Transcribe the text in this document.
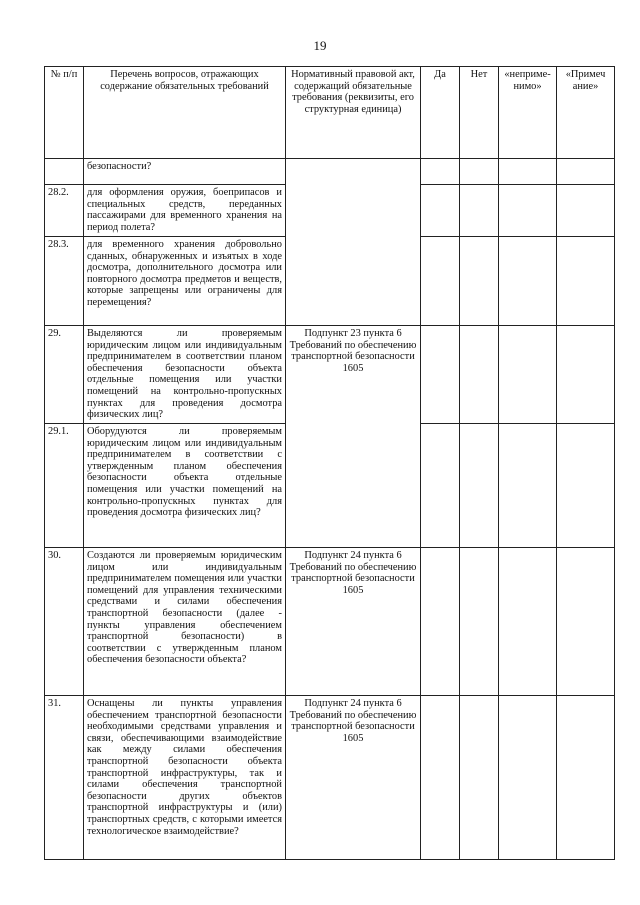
19
№ п/п	Перечень вопросов, отражающих содержание обязательных требований	Нормативный правовой акт, содержащий обязательные требования (реквизиты, его структурная единица)	Да	Нет	«неприме-нимо»	«Примеч ание»

	безопасности?					

28.2.	для оформления оружия, боеприпасов и специальных средств, переданных пассажирами для временного хранения на период полета?					

28.3.	для временного хранения добровольно сданных, обнаруженных и изъятых в ходе досмотра, дополнительного досмотра или повторного досмотра предметов и веществ, которые запрещены или ограничены для перемещения?					

29.	Выделяются ли проверяемым юридическим лицом или индивидуальным предпринимателем в соответствии планом обеспечения безопасности объекта отдельные помещения или участки помещений на контрольно-пропускных пунктах для проведения досмотра физических лиц?	Подпункт 23 пункта 6 Требований по обеспечению транспортной безопасности 1605				
29.1.	Оборудуются ли проверяемым юридическим лицом или индивидуальным предпринимателем в соответствии с утвержденным планом обеспечения безопасности объекта отдельные помещения или участки помещений на контрольно-пропускных пунктах для проведения досмотра физических лиц?					

30.	Создаются ли проверяемым юридическим лицом или индивидуальным предпринимателем помещения или участки помещений для управления техническими средствами и силами обеспечения транспортной безопасности (далее - пункты управления обеспечением транспортной безопасности) в соответствии с утвержденным планом обеспечения безопасности объекта?	Подпункт 24 пункта 6 Требований по обеспечению транспортной безопасности 1605				
31.	Оснащены ли пункты управления обеспечением транспортной безопасности необходимыми средствами управления и связи, обеспечивающими взаимодействие как между силами обеспечения транспортной безопасности объекта транспортной инфраструктуры, так и силами обеспечения транспортной безопасности других объектов транспортной инфраструктуры и (или) транспортных средств, с которыми имеется технологическое взаимодействие?	Подпункт 24 пункта 6 Требований по обеспечению транспортной безопасности 1605				
